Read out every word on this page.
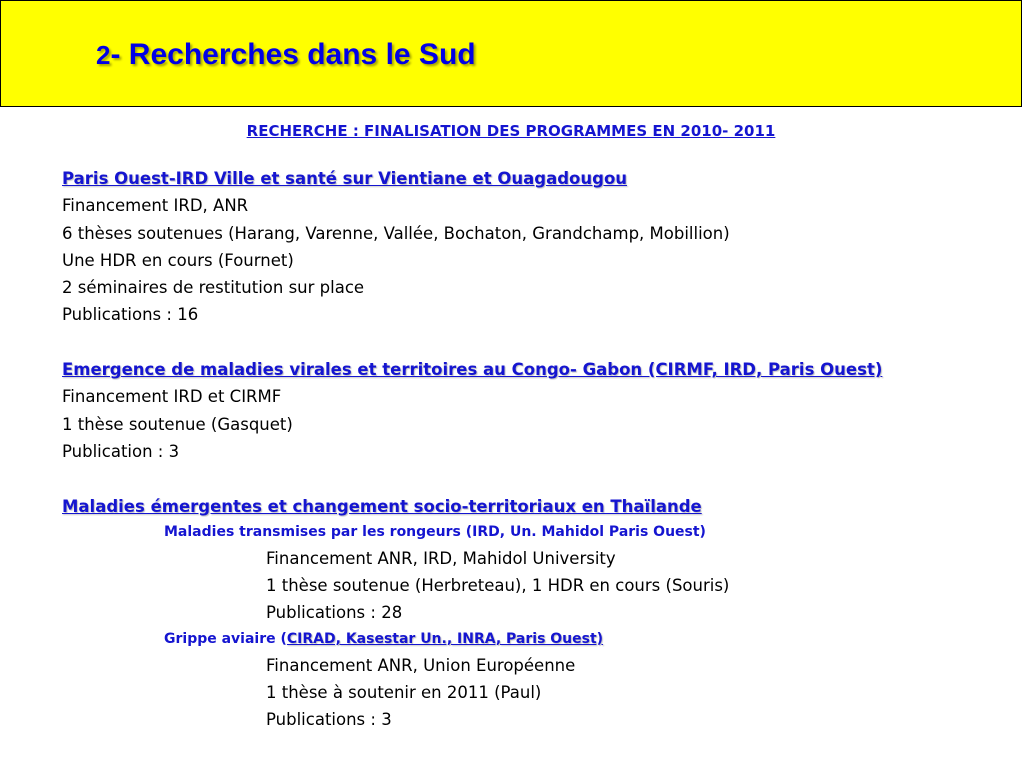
2- Recherches dans le Sud
RECHERCHE : FINALISATION DES PROGRAMMES EN 2010- 2011
Paris Ouest-IRD Ville et santé sur Vientiane et Ouagadougou
Financement IRD, ANR
6 thèses soutenues (Harang, Varenne, Vallée, Bochaton, Grandchamp, Mobillion)
Une HDR en cours (Fournet)
2 séminaires de restitution sur place
Publications : 16
Emergence de maladies virales et territoires au Congo- Gabon (CIRMF, IRD, Paris Ouest)
Financement IRD et CIRMF
1 thèse soutenue (Gasquet)
Publication : 3
Maladies émergentes et changement socio-territoriaux en Thaïlande
Maladies transmises par les rongeurs (IRD, Un. Mahidol Paris Ouest)
Financement ANR, IRD, Mahidol University
1 thèse soutenue (Herbreteau), 1 HDR en cours (Souris)
Publications : 28
Grippe aviaire (CIRAD, Kasestar Un., INRA, Paris Ouest)
Financement ANR, Union Européenne
1 thèse à soutenir en 2011 (Paul)
Publications : 3
